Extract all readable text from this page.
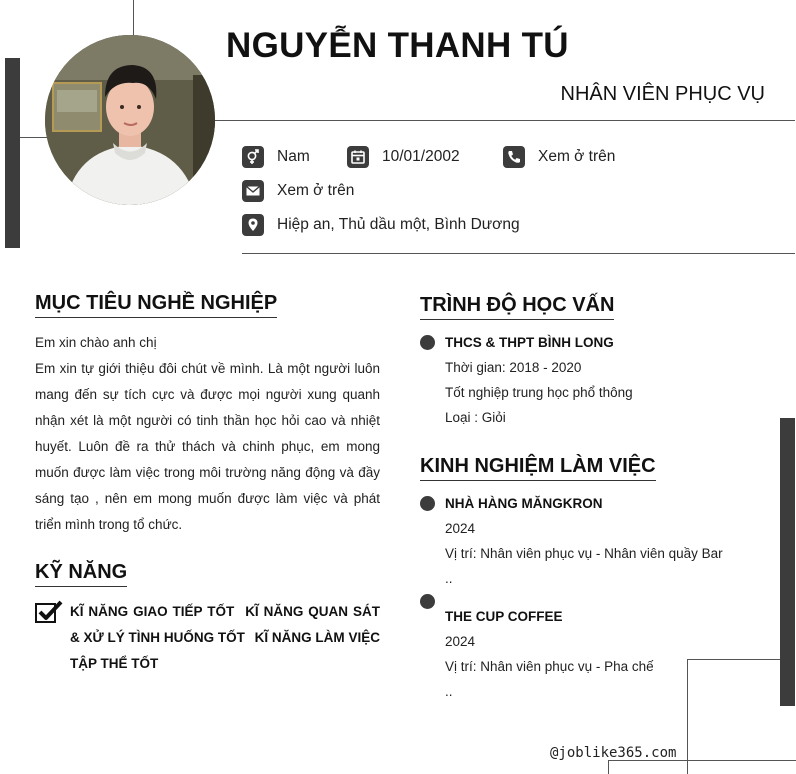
NGUYỄN THANH TÚ
NHÂN VIÊN PHỤC VỤ
Nam	10/01/2002	Xem ở trên
Xem ở trên
Hiệp an, Thủ dầu một, Bình Dương
MỤC TIÊU NGHỀ NGHIỆP

Em xin chào anh chị

Em xin tự giới thiệu đôi chút về mình. Là một người luôn mang đến sự tích cực và được mọi người xung quanh nhận xét là một người có tinh thần học hỏi cao và nhiệt huyết. Luôn đề ra thử thách và chinh phục, em mong muốn được làm việc trong môi trường năng động và đầy sáng tạo , nên em mong muốn được làm việc và phát triển mình trong tổ chức.

KỸ NĂNG
KĨ NĂNG GIAO TIẾP TỐT KĨ NĂNG QUAN SÁT & XỬ LÝ TÌNH HUỐNG TỐT KĨ NĂNG LÀM VIỆC TẬP THỂ TỐT
TRÌNH ĐỘ HỌC VẤN
THCS & THPT BÌNH LONG
Thời gian: 2018 - 2020
Tốt nghiệp trung học phổ thông
Loại : Giỏi
KINH NGHIỆM LÀM VIỆC
NHÀ HÀNG MĂNGKRON
2024
Vị trí: Nhân viên phục vụ - Nhân viên quầy Bar
..
THE CUP COFFEE
2024
Vị trí: Nhân viên phục vụ - Pha chế
..
@joblike365.com
